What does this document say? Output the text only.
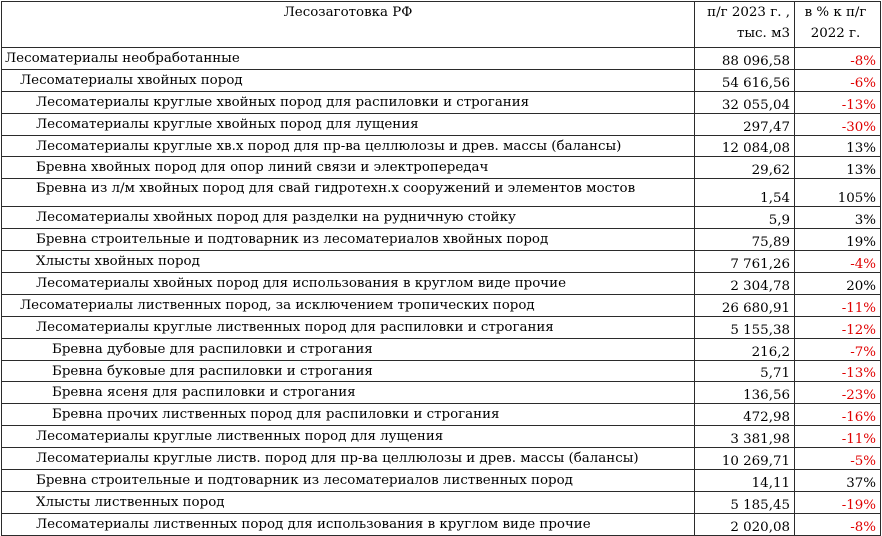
Лесозаготовка РФ	п/г 2023 г. ,
тыс. м3	в % к п/г
2022 г.

Лесоматериалы необработанные	88 096,58	-8%
Лесоматериалы хвойных пород	54 616,56	-6%
Лесоматериалы круглые хвойных пород для распиловки и строгания	32 055,04	-13%
Лесоматериалы круглые хвойных пород для лущения	297,47	-30%
Лесоматериалы круглые хв.х пород для пр-ва целлюлозы и древ. массы (балансы)	12 084,08	13%
Бревна хвойных пород для опор линий связи и электропередач	29,62	13%
Бревна из л/м хвойных пород для свай гидротехн.х сооружений и элементов мостов	1,54	105%
Лесоматериалы хвойных пород для разделки на рудничную стойку	5,9	3%
Бревна строительные и подтоварник из лесоматериалов хвойных пород	75,89	19%
Хлысты хвойных пород	7 761,26	-4%
Лесоматериалы хвойных пород для использования в круглом виде прочие	2 304,78	20%
Лесоматериалы лиственных пород, за исключением тропических пород	26 680,91	-11%
Лесоматериалы круглые лиственных пород для распиловки и строгания	5 155,38	-12%
Бревна дубовые для распиловки и строгания	216,2	-7%
Бревна буковые для распиловки и строгания	5,71	-13%
Бревна ясеня для распиловки и строгания	136,56	-23%
Бревна прочих лиственных пород для распиловки и строгания	472,98	-16%
Лесоматериалы круглые лиственных пород для лущения	3 381,98	-11%
Лесоматериалы круглые листв. пород для пр-ва целлюлозы и древ. массы (балансы)	10 269,71	-5%
Бревна строительные и подтоварник из лесоматериалов лиственных пород	14,11	37%
Хлысты лиственных пород	5 185,45	-19%
Лесоматериалы лиственных пород для использования в круглом виде прочие	2 020,08	-8%
